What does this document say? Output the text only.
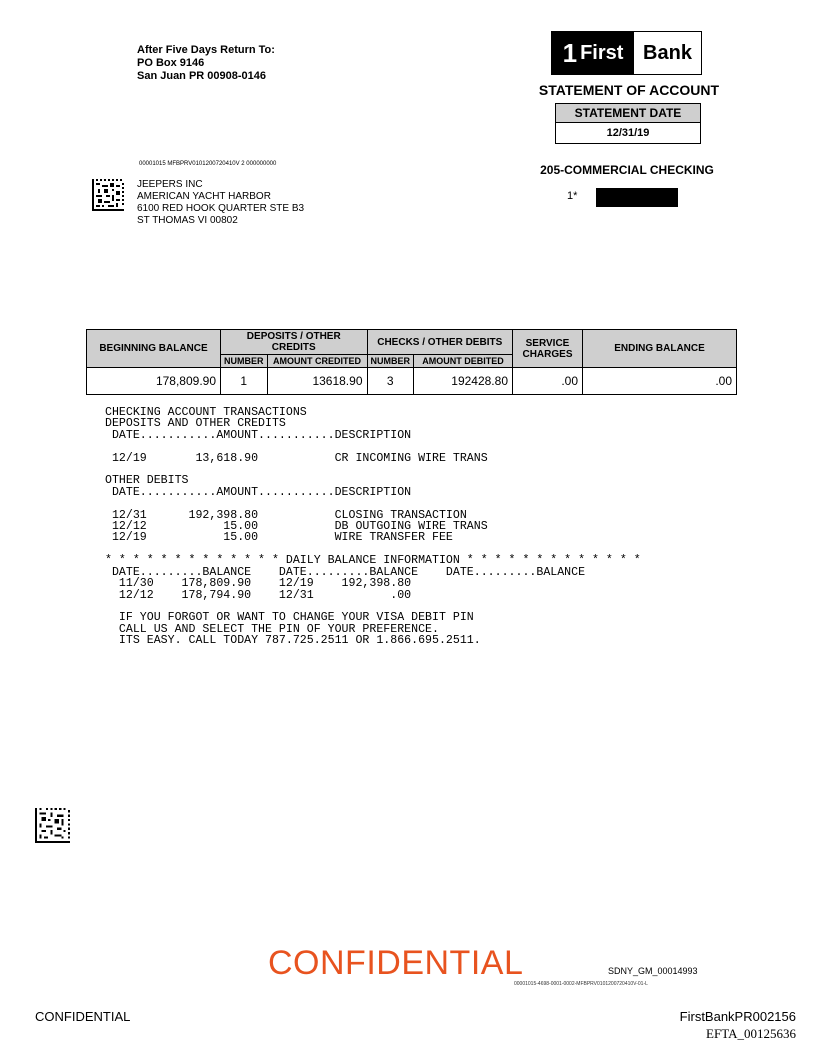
After Five Days Return To:
PO Box 9146
San Juan PR 00908-0146
1 First Bank
STATEMENT OF ACCOUNT
STATEMENT DATE
12/31/19
205-COMMERCIAL CHECKING
1*
00001015 MFBPRV0101200720410V 2 000000000
JEEPERS INC
AMERICAN YACHT HARBOR
6100 RED HOOK QUARTER STE B3
ST THOMAS VI 00802
BEGINNING BALANCE	DEPOSITS / OTHER CREDITS		CHECKS / OTHER DEBITS		SERVICE CHARGES	ENDING BALANCE
	NUMBER	AMOUNT CREDITED	NUMBER	AMOUNT DEBITED		
178,809.90	1	13618.90	3	192428.80	.00	.00
CHECKING ACCOUNT TRANSACTIONS
DEPOSITS AND OTHER CREDITS
DATE...........AMOUNT...........DESCRIPTION

12/19       13,618.90           CR INCOMING WIRE TRANS

OTHER DEBITS
DATE...........AMOUNT...........DESCRIPTION

12/31      192,398.80           CLOSING TRANSACTION
12/12           15.00           DB OUTGOING WIRE TRANS
12/19           15.00           WIRE TRANSFER FEE

* * * * * * * * * * * * * DAILY BALANCE INFORMATION * * * * * * * * * * * * *
DATE.........BALANCE    DATE.........BALANCE    DATE.........BALANCE
11/30    178,809.90    12/19    192,398.80
12/12    178,794.90    12/31           .00

IF YOU FORGOT OR WANT TO CHANGE YOUR VISA DEBIT PIN
CALL US AND SELECT THE PIN OF YOUR PREFERENCE.
ITS EASY. CALL TODAY 787.725.2511 OR 1.866.695.2511.
CONFIDENTIAL	SDNY_GM_00014993
00001015-4698-0001-0002-MFBPRV0101200720410V-01-L
CONFIDENTIAL	FirstBankPR002156
EFTA_00125636
